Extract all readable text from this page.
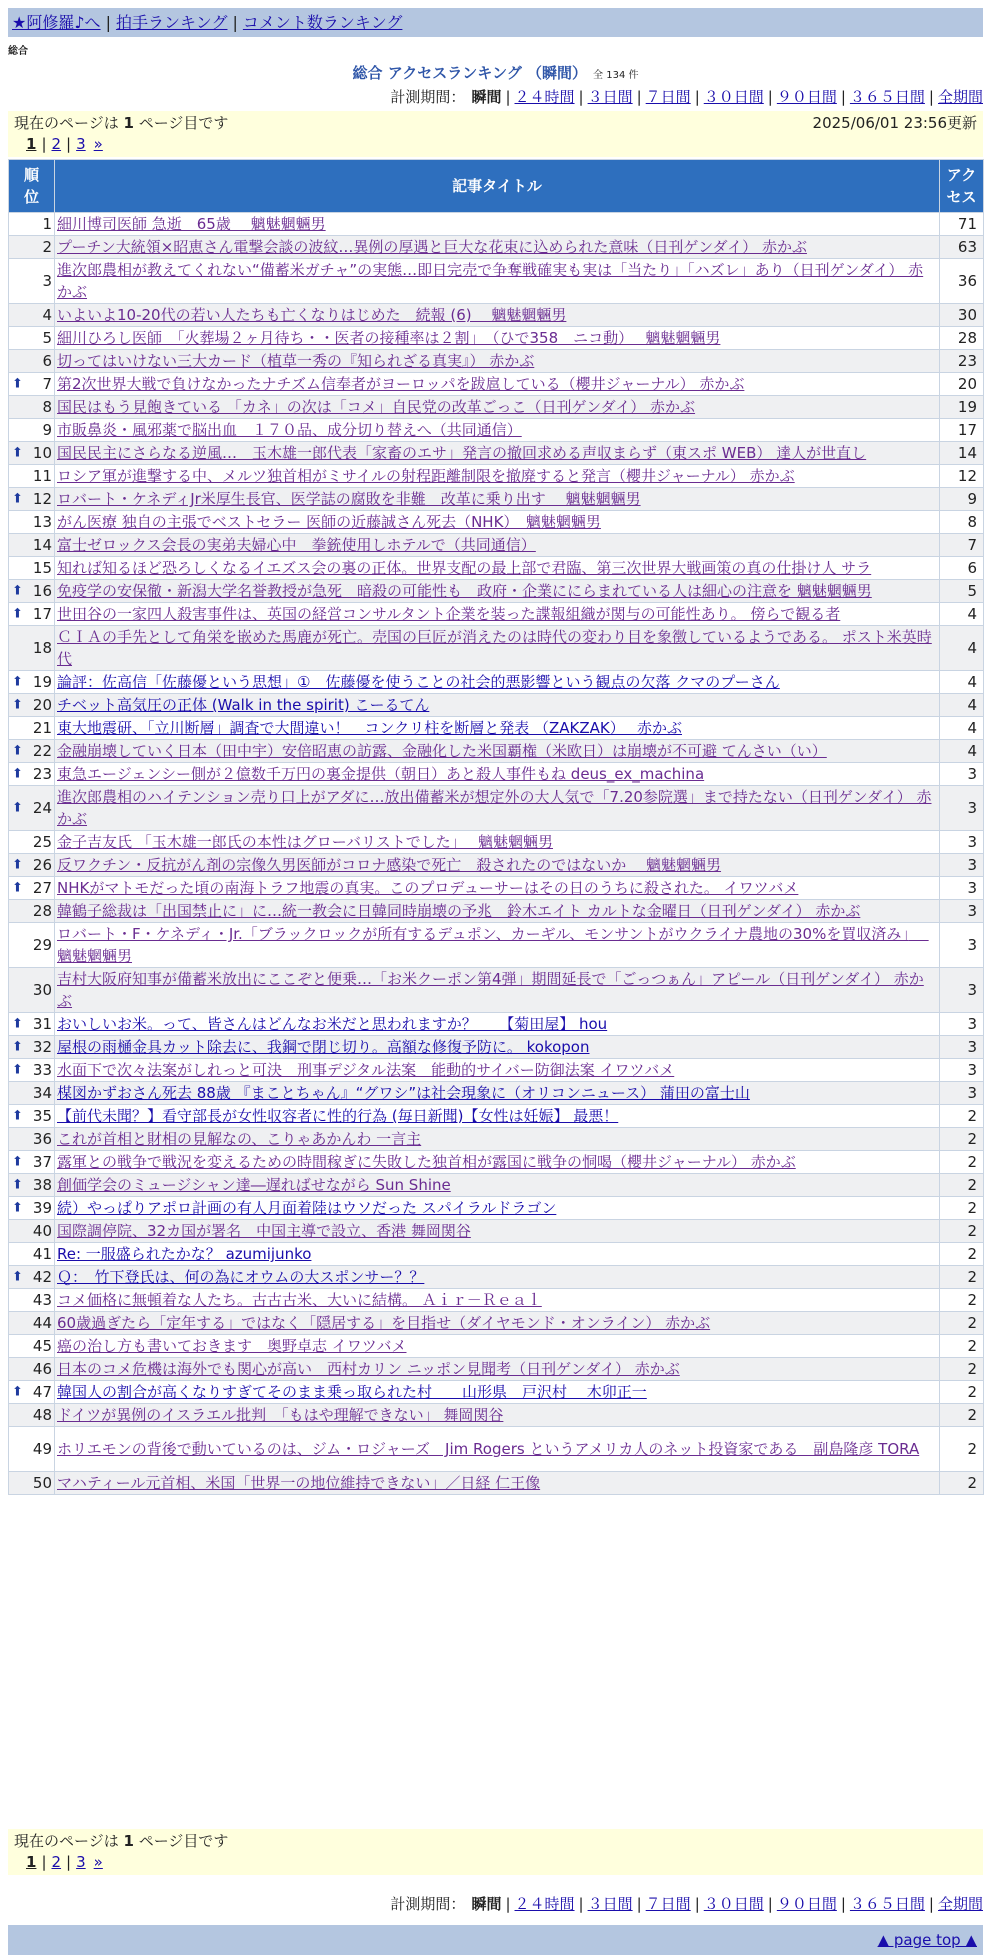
★阿修羅♪へ | 拍手ランキング | コメント数ランキング
総合
総合 アクセスランキング （瞬間） 全 134 件
計測期間： 瞬間 | ２４時間 | ３日間 | ７日間 | ３０日間 | ９０日間 | ３６５日間 | 全期間
現在のページは 1 ページ目です	2025/06/01 23:56更新
1 | 2 | 3 »
順
位	記事タイトル	アク
セス
1	細川博司医師 急逝　65歳　 魑魅魍魎男	71
2	プーチン大統領×昭恵さん電撃会談の波紋…異例の厚遇と巨大な花束に込められた意味（日刊ゲンダイ） 赤かぶ	63
3	進次郎農相が教えてくれない“備蓄米ガチャ”の実態…即日完売で争奪戦確実も実は「当たり」「ハズレ」あり（日刊ゲンダイ） 赤かぶ	36
4	いよいよ10-20代の若い人たちも亡くなりはじめた　続報 (6)　 魑魅魍魎男	30
5	細川ひろし医師　「火葬場２ヶ月待ち・・医者の接種率は２割」　（ひで358　ニコ動）　 魑魅魍魎男	28
6	切ってはいけない三大カード（植草一秀の『知られざる真実』） 赤かぶ	23

⬆ 7	第2次世界大戦で負けなかったナチズム信奉者がヨーロッパを跋扈している（櫻井ジャーナル） 赤かぶ	20
8	国民はもう見飽きている 「カネ」の次は「コメ」自民党の改革ごっこ（日刊ゲンダイ） 赤かぶ	19
9	市販鼻炎・風邪薬で脳出血　１７０品、成分切り替えへ（共同通信）	17

⬆ 10	国民民主にさらなる逆風…　玉木雄一郎代表「家畜のエサ」発言の撤回求める声収まらず（東スポ WEB） 達人が世直し	14
11	ロシア軍が進撃する中、メルツ独首相がミサイルの射程距離制限を撤廃すると発言（櫻井ジャーナル） 赤かぶ	12

⬆ 12	ロバート・ケネディJr米厚生長官、医学誌の腐敗を非難　改革に乗り出す　 魑魅魍魎男	9
13	がん医療 独自の主張でベストセラー 医師の近藤誠さん死去（NHK）　魑魅魍魎男	8
14	富士ゼロックス会長の実弟夫婦心中　拳銃使用しホテルで（共同通信）	7
15	知れば知るほど恐ろしくなるイエズス会の裏の正体。世界支配の最上部で君臨、第三次世界大戦画策の真の仕掛け人 サラ	6

⬆ 16	免疫学の安保徹・新潟大学名誉教授が急死　暗殺の可能性も　政府・企業ににらまれている人は細心の注意を 魑魅魍魎男	5

⬆ 17	世田谷の一家四人殺害事件は、英国の経営コンサルタント企業を装った諜報組織が関与の可能性あり。 傍らで観る者	4
18	ＣＩＡの手先として角栄を嵌めた馬鹿が死亡。売国の巨匠が消えたのは時代の変わり目を象徴しているようである。 ポスト米英時代	4

⬆ 19	論評：佐高信「佐藤優という思想」①　佐藤優を使うことの社会的悪影響という観点の欠落 クマのプーさん	4

⬆ 20	チベット高気圧の正体 (Walk in the spirit) こーるてん	4
21	東大地震研、「立川断層」調査で大間違い！　コンクリ柱を断層と発表 （ZAKZAK）　 赤かぶ	4

⬆ 22	金融崩壊していく日本（田中宇）安倍昭恵の訪露、金融化した米国覇権（米欧日）は崩壊が不可避 てんさい（い）	4

⬆ 23	東急エージェンシー側が２億数千万円の裏金提供（朝日）あと殺人事件もね deus_ex_machina	3

⬆ 24	進次郎農相のハイテンション売り口上がアダに…放出備蓄米が想定外の大人気で「7.20参院選」まで持たない（日刊ゲンダイ） 赤かぶ	3
25	金子吉友氏 「玉木雄一郎氏の本性はグローバリストでした」　 魑魅魍魎男	3

⬆ 26	反ワクチン・反抗がん剤の宗像久男医師がコロナ感染で死亡　殺されたのではないか　 魑魅魍魎男	3

⬆ 27	NHKがマトモだった頃の南海トラフ地震の真実。このプロデューサーはその日のうちに殺された。 イワツバメ	3
28	韓鶴子総裁は「出国禁止に」に…統一教会に日韓同時崩壊の予兆　鈴木エイト カルトな金曜日（日刊ゲンダイ） 赤かぶ	3
29	ロバート・F・ケネディ・Jr.「ブラックロックが所有するデュポン、カーギル、モンサントがウクライナ農地の30%を買収済み」　 魑魅魍魎男	3
30	吉村大阪府知事が備蓄米放出にここぞと便乗…「お米クーポン第4弾」期間延長で「ごっつぁん」アピール（日刊ゲンダイ） 赤かぶ	3

⬆ 31	おいしいお米。って、皆さんはどんなお米だと思われますか？　　【菊田屋】 hou	3

⬆ 32	屋根の雨樋金具カット除去に、我鋼で閉じ切り。高額な修復予防に。 kokopon	3

⬆ 33	水面下で次々法案がしれっと可決　刑事デジタル法案　能動的サイバー防御法案 イワツバメ	3
34	楳図かずおさん死去 88歳 『まことちゃん』“グワシ”は社会現象に（オリコンニュース） 蒲田の富士山	3

⬆ 35	【前代未聞？】看守部長が女性収容者に性的行為 (毎日新聞)【女性は妊娠】 最悪！	2
36	これが首相と財相の見解なの、こりゃあかんわ 一言主	2

⬆ 37	露軍との戦争で戦況を変えるための時間稼ぎに失敗した独首相が露国に戦争の恫喝（櫻井ジャーナル） 赤かぶ	2

⬆ 38	創価学会のミュージシャン達―遅ればせながら Sun Shine	2

⬆ 39	続）やっぱりアポロ計画の有人月面着陸はウソだった スパイラルドラゴン	2
40	国際調停院、32カ国が署名　中国主導で設立、香港 舞岡関谷	2
41	Re: 一服盛られたかな？ azumijunko	2

⬆ 42	Ｑ：　竹下登氏は、何の為にオウムの大スポンサー？？	2
43	コメ価格に無頓着な人たち。古古古米、大いに結構。 Ａｉｒ－Ｒｅａｌ	2
44	60歳過ぎたら「定年する」ではなく「隠居する」を目指せ（ダイヤモンド・オンライン） 赤かぶ	2
45	癌の治し方も書いておきます　奥野卓志 イワツバメ	2
46	日本のコメ危機は海外でも関心が高い　西村カリン ニッポン見聞考（日刊ゲンダイ） 赤かぶ	2

⬆ 47	韓国人の割合が高くなりすぎてそのまま乗っ取られた村　　山形県　戸沢村　 木卯正一	2
48	ドイツが異例のイスラエル批判　「もはや理解できない」 舞岡関谷	2
49	ホリエモンの背後で動いているのは、ジム・ロジャーズ　Jim Rogers というアメリカ人のネット投資家である　副島隆彦 TORA	2
50	マハティール元首相、米国「世界一の地位維持できない」／日経 仁王像	2
現在のページは 1 ページ目です
1 | 2 | 3 »
計測期間： 瞬間 | ２４時間 | ３日間 | ７日間 | ３０日間 | ９０日間 | ３６５日間 | 全期間
▲ page top ▲
